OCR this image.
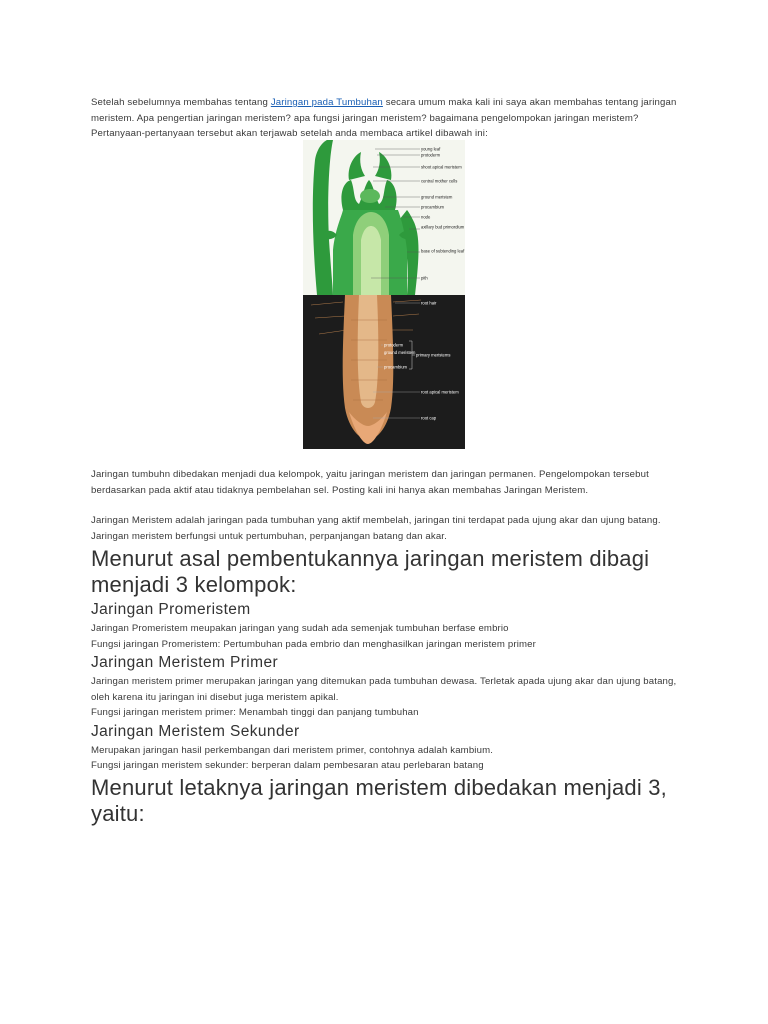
Setelah sebelumnya membahas tentang Jaringan pada Tumbuhan secara umum maka kali ini saya akan membahas tentang jaringan meristem. Apa pengertian jaringan meristem? apa fungsi jaringan meristem? bagaimana pengelompokan jaringan meristem? Pertanyaan-pertanyaan tersebut akan terjawab setelah anda membaca artikel dibawah ini:

young leaf
protoderm
shoot apical meristem
central mother cells
ground meristem
procambium
node
axillary bud primordium
base of subtending leaf
pith
root hair
protoderm
ground meristem primary meristems
procambium
root apical meristem
root cap

Jaringan tumbuhn dibedakan menjadi dua kelompok, yaitu jaringan meristem dan jaringan permanen. Pengelompokan tersebut berdasarkan pada aktif atau tidaknya pembelahan sel. Posting kali ini hanya akan membahas Jaringan Meristem.

Jaringan Meristem adalah jaringan pada tumbuhan yang aktif membelah, jaringan tini terdapat pada ujung akar dan ujung batang.

Jaringan meristem berfungsi untuk pertumbuhan, perpanjangan batang dan akar.

Menurut asal pembentukannya jaringan meristem dibagi menjadi 3 kelompok:
Jaringan Promeristem

Jaringan Promeristem meupakan jaringan yang sudah ada semenjak tumbuhan berfase embrio

Fungsi jaringan Promeristem: Pertumbuhan pada embrio dan menghasilkan jaringan meristem primer

Jaringan Meristem Primer

Jaringan meristem primer merupakan jaringan yang ditemukan pada tumbuhan dewasa. Terletak apada ujung akar dan ujung batang, oleh karena itu jaringan ini disebut juga meristem apikal.

Fungsi jaringan meristem primer: Menambah tinggi dan panjang tumbuhan

Jaringan Meristem Sekunder

Merupakan jaringan hasil perkembangan dari meristem primer, contohnya adalah kambium.

Fungsi jaringan meristem sekunder: berperan dalam pembesaran atau perlebaran batang

Menurut letaknya jaringan meristem dibedakan menjadi 3, yaitu:
